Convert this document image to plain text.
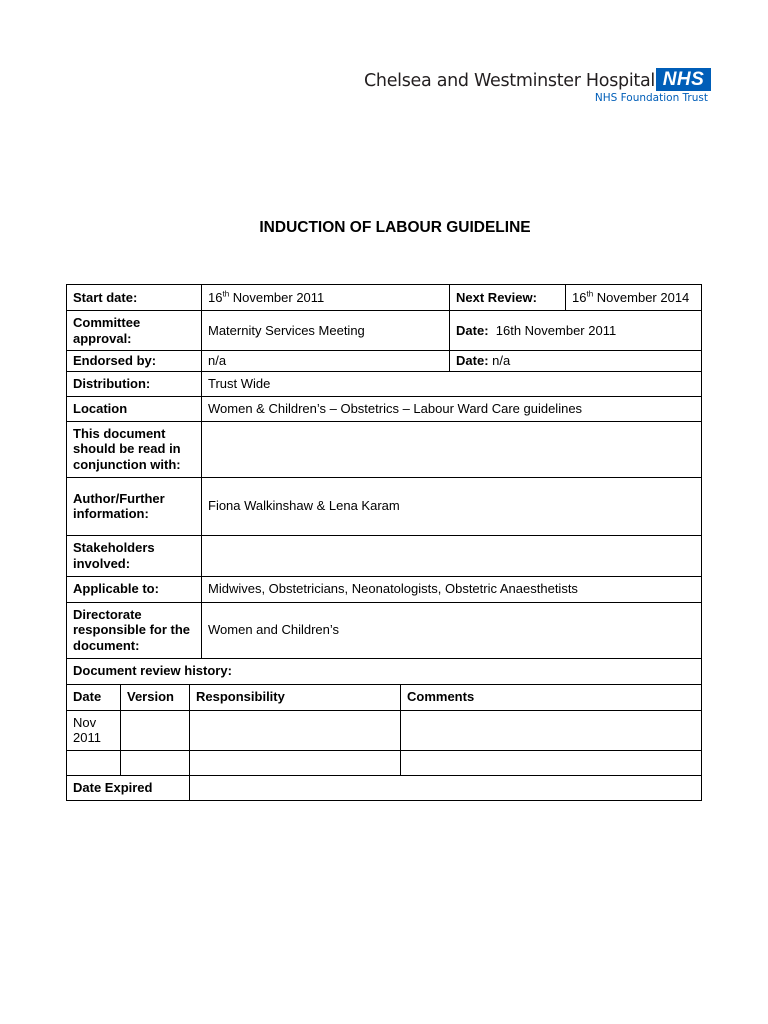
Chelsea and Westminster Hospital NHS
NHS Foundation Trust
INDUCTION OF LABOUR GUIDELINE
Start date:			16th November 2011		Next Review:	16th November 2014
Committee approval:			Maternity Services Meeting		Date:  16th November 2011	
Endorsed by:			n/a		Date: n/a	
Distribution:			Trust Wide			
Location			Women & Children’s – Obstetrics – Labour Ward Care guidelines			
This document should be read in conjunction with:						
Author/Further information:			Fiona Walkinshaw & Lena Karam			
Stakeholders involved:						
Applicable to:			Midwives, Obstetricians, Neonatologists, Obstetric Anaesthetists			
Directorate responsible for the document:			Women and Children’s			
Document review history:						
Date	Version	Responsibility		Comments		
Nov 2011						

Date Expired						
